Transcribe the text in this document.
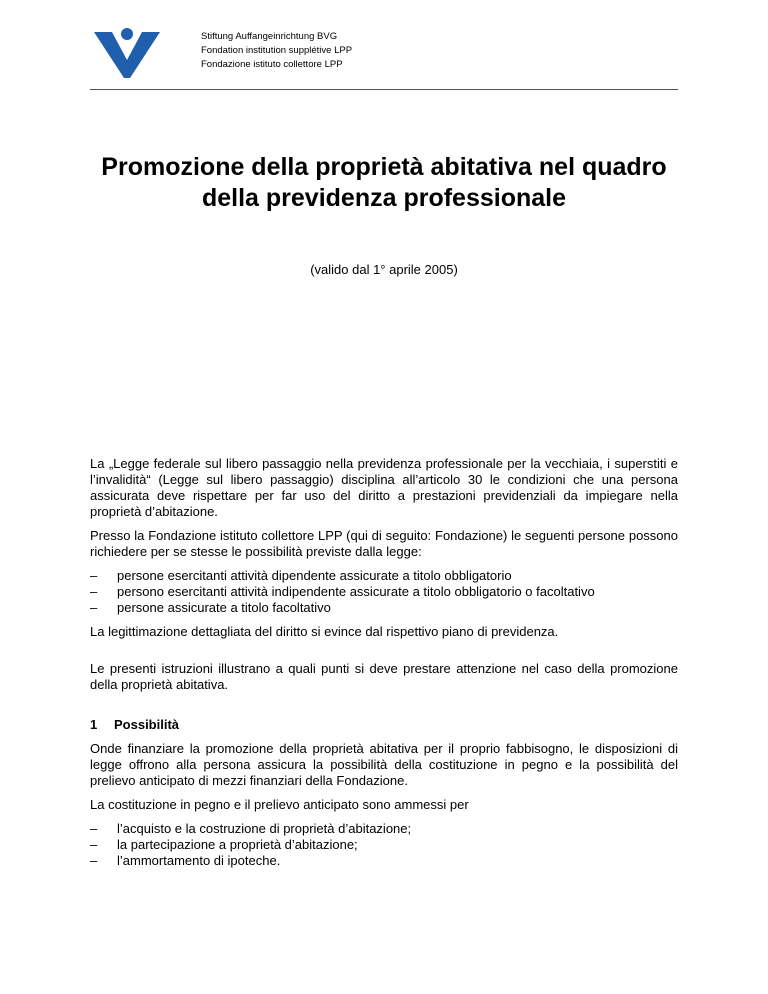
Stiftung Auffangeinrichtung BVG
Fondation institution supplétive LPP
Fondazione istituto collettore LPP
Promozione della proprietà abitativa nel quadro
della previdenza professionale
(valido dal 1° aprile 2005)

La „Legge federale sul libero passaggio nella previdenza professionale per la vecchiaia, i superstiti e l’invalidità“ (Legge sul libero passaggio) disciplina all’articolo 30 le condizioni che una persona assicurata deve rispettare per far uso del diritto a prestazioni previdenziali da impiegare nella proprietà d’abitazione.

Presso la Fondazione istituto collettore LPP (qui di seguito: Fondazione) le seguenti persone possono richiedere per se stesse le possibilità previste dalla legge:

– persone esercitanti attività dipendente assicurate a titolo obbligatorio
– persono esercitanti attività indipendente assicurate a titolo obbligatorio o facoltativo
– persone assicurate a titolo facoltativo

La legittimazione dettagliata del diritto si evince dal rispettivo piano di previdenza.

Le presenti istruzioni illustrano a quali punti si deve prestare attenzione nel caso della promozione della proprietà abitativa.

1 Possibilità

Onde finanziare la promozione della proprietà abitativa per il proprio fabbisogno, le disposizioni di legge offrono alla persona assicura la possibilità della costituzione in pegno e la possibilità del prelievo anticipato di mezzi finanziari della Fondazione.

La costituzione in pegno e il prelievo anticipato sono ammessi per

– l’acquisto e la costruzione di proprietà d’abitazione;
– la partecipazione a proprietà d’abitazione;
– l’ammortamento di ipoteche.
